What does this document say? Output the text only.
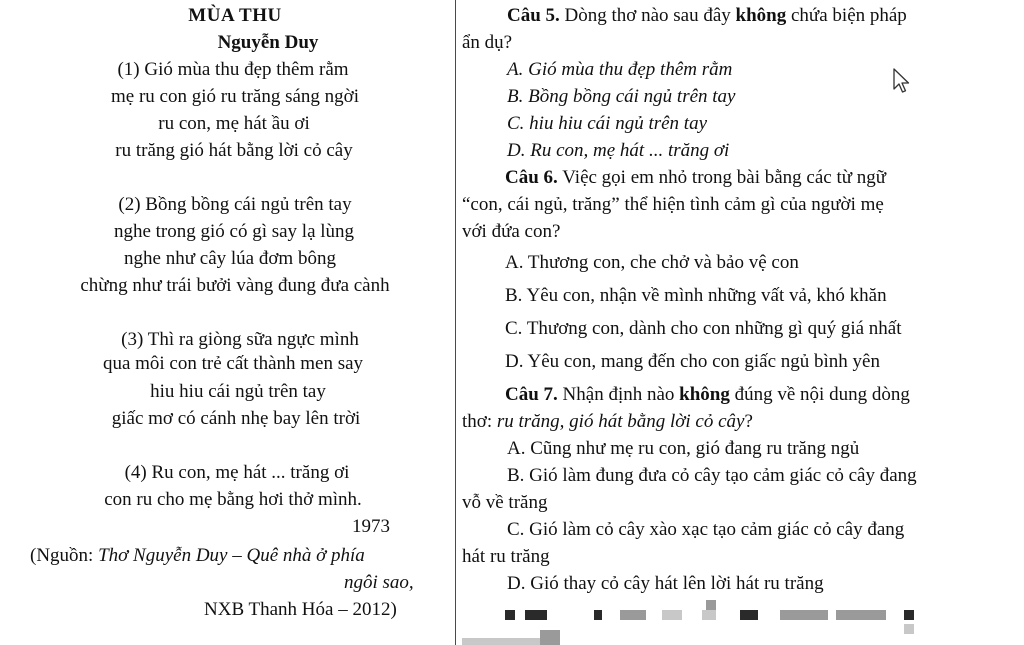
MÙA THU
Nguyễn Duy
(1) Gió mùa thu đẹp thêm rằm
mẹ ru con gió ru trăng sáng ngời
ru con, mẹ hát ầu ơi
ru trăng gió hát bằng lời cỏ cây
(2) Bồng bồng cái ngủ trên tay
nghe trong gió có gì say lạ lùng
nghe như cây lúa đơm bông
chừng như trái bưởi vàng đung đưa cành
(3) Thì ra giòng sữa ngực mình
qua môi con trẻ cất thành men say
hiu hiu cái ngủ trên tay
giấc mơ có cánh nhẹ bay lên trời
(4) Ru con, mẹ hát ... trăng ơi
con ru cho mẹ bằng hơi thở mình.
1973
(Nguồn: Thơ Nguyễn Duy – Quê nhà ở phía
ngôi sao,
NXB Thanh Hóa – 2012)
Câu 5. Dòng thơ nào sau đây không chứa biện pháp
ẩn dụ?
A. Gió mùa thu đẹp thêm rằm
B. Bồng bồng cái ngủ trên tay
C. hiu hiu cái ngủ trên tay
D. Ru con, mẹ hát ... trăng ơi
Câu 6. Việc gọi em nhỏ trong bài bằng các từ ngữ
“con, cái ngủ, trăng” thể hiện tình cảm gì của người mẹ
với đứa con?
A. Thương con, che chở và bảo vệ con
B. Yêu con, nhận về mình những vất vả, khó khăn
C. Thương con, dành cho con những gì quý giá nhất
D. Yêu con, mang đến cho con giấc ngủ bình yên
Câu 7. Nhận định nào không đúng về nội dung dòng
thơ: ru trăng, gió hát bằng lời cỏ cây?
A. Cũng như mẹ ru con, gió đang ru trăng ngủ
B. Gió làm đung đưa cỏ cây tạo cảm giác cỏ cây đang
vỗ về trăng
C. Gió làm cỏ cây xào xạc tạo cảm giác cỏ cây đang
hát ru trăng
D. Gió thay cỏ cây hát lên lời hát ru trăng
